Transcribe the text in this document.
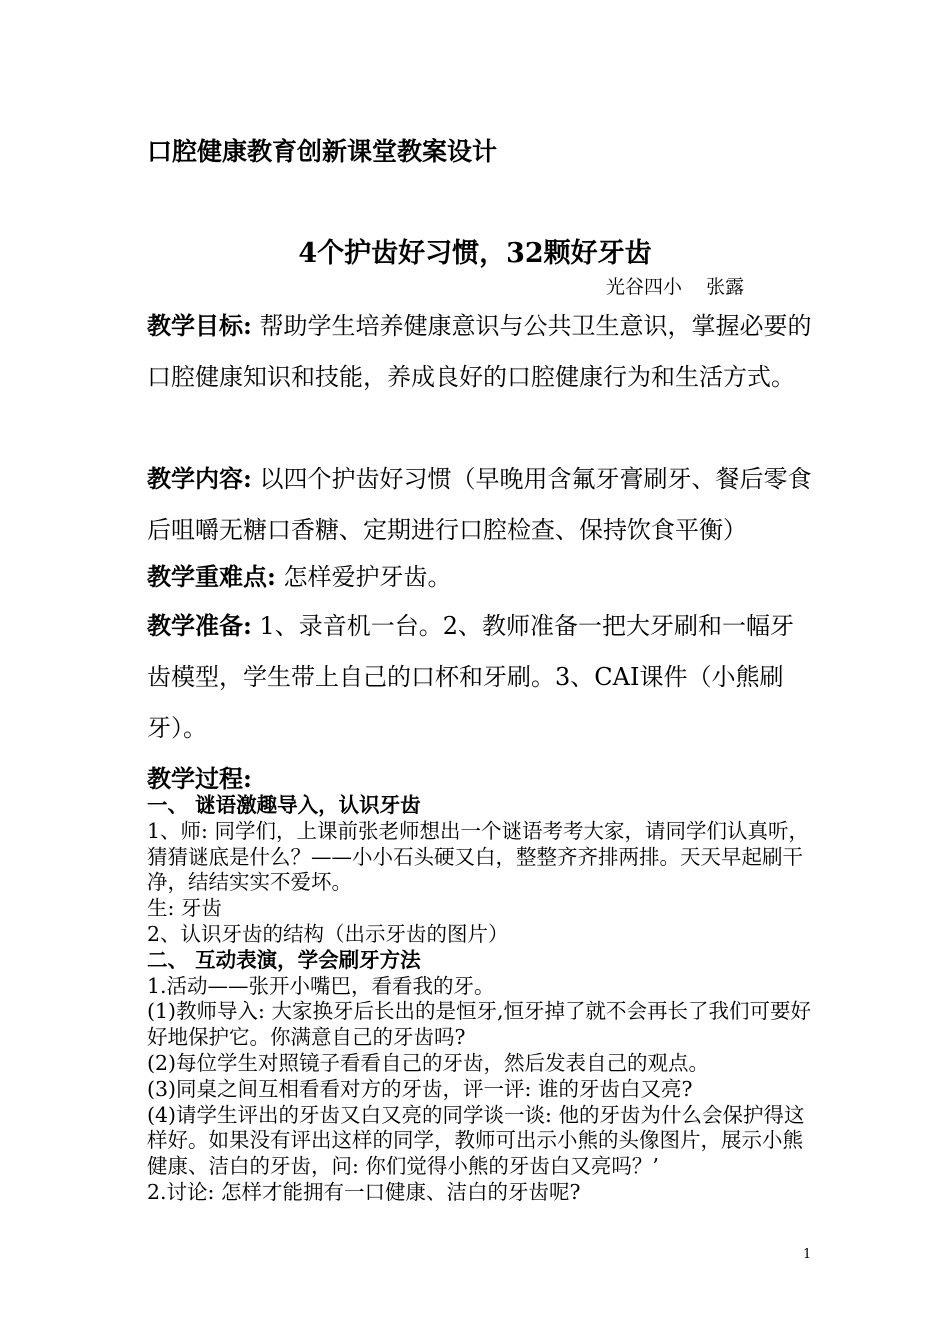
口腔健康教育创新课堂教案设计
4个护齿好习惯，32颗好牙齿
光谷四小    张露
教学目标: 帮助学生培养健康意识与公共卫生意识，掌握必要的口腔健康知识和技能，养成良好的口腔健康行为和生活方式。
教学内容: 以四个护齿好习惯（早晚用含氟牙膏刷牙、餐后零食后咀嚼无糖口香糖、定期进行口腔检查、保持饮食平衡）
教学重难点: 怎样爱护牙齿。
教学准备: 1、录音机一台。2、教师准备一把大牙刷和一幅牙齿模型，学生带上自己的口杯和牙刷。3、CAI课件（小熊刷牙）。
教学过程:
一、 谜语激趣导入，认识牙齿
1、师: 同学们，上课前张老师想出一个谜语考考大家，请同学们认真听，猜猜谜底是什么？——小小石头硬又白，整整齐齐排两排。天天早起刷干净，结结实实不爱坏。
生: 牙齿
2、认识牙齿的结构（出示牙齿的图片）
二、 互动表演，学会刷牙方法
1.活动——张开小嘴巴，看看我的牙。
(1)教师导入: 大家换牙后长出的是恒牙,恒牙掉了就不会再长了我们可要好好地保护它。你满意自己的牙齿吗?
(2)每位学生对照镜子看看自己的牙齿，然后发表自己的观点。
(3)同桌之间互相看看对方的牙齿，评一评: 谁的牙齿白又亮?
(4)请学生评出的牙齿又白又亮的同学谈一谈: 他的牙齿为什么会保护得这样好。如果没有评出这样的同学，教师可出示小熊的头像图片，展示小熊健康、洁白的牙齿，问: 你们觉得小熊的牙齿白又亮吗？’
2.讨论: 怎样才能拥有一口健康、洁白的牙齿呢?
1
